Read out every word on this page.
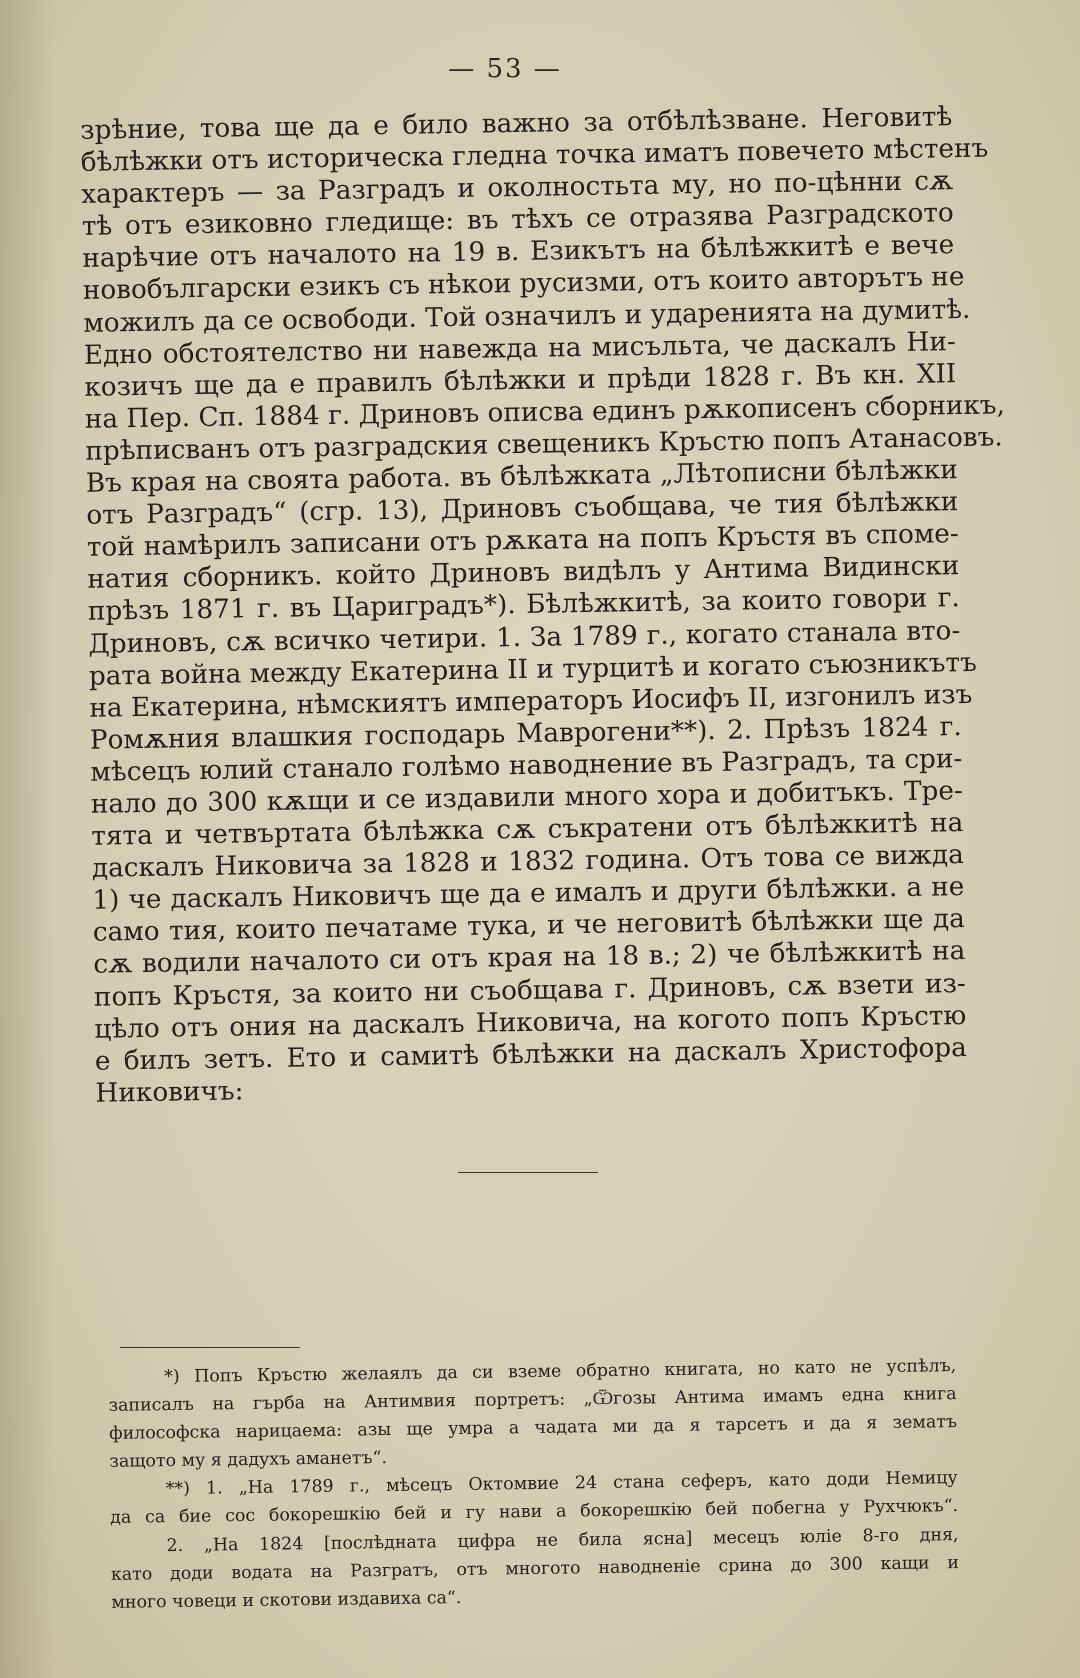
— 53 —
зрѣние, това ще да е било важно за отбѣлѣзване. Неговитѣ
бѣлѣжки отъ историческа гледна точка иматъ повечето мѣстенъ
характеръ — за Разградъ и околностьта му, но по-цѣнни сѫ
тѣ отъ езиковно гледище: въ тѣхъ се отразява Разградското
нарѣчие отъ началото на 19 в. Езикътъ на бѣлѣжкитѣ е вече
новобългарски езикъ съ нѣкои русизми, отъ които авторътъ не
можилъ да се освободи. Той означилъ и ударенията на думитѣ.
Едно обстоятелство ни навежда на мисъльта, че даскалъ Ни-
козичъ ще да е правилъ бѣлѣжки и прѣди 1828 г. Въ кн. XII
на Пер. Сп. 1884 г. Дриновъ описва единъ рѫкописенъ сборникъ,
прѣписванъ отъ разградския свещеникъ Кръстю попъ Атанасовъ.
Въ края на своята работа. въ бѣлѣжката „Лѣтописни бѣлѣжки
отъ Разградъ“ (сгр. 13), Дриновъ съобщава, че тия бѣлѣжки
той намѣрилъ записани отъ рѫката на попъ Кръстя въ споме-
натия сборникъ. който Дриновъ видѣлъ у Антима Видински
прѣзъ 1871 г. въ Цариградъ*). Бѣлѣжкитѣ, за които говори г.
Дриновъ, сѫ всичко четири. 1. За 1789 г., когато станала вто-
рата война между Екатерина II и турцитѣ и когато съюзникътъ
на Екатерина, нѣмскиятъ императоръ Иосифъ II, изгонилъ изъ
Ромѫния влашкия господарь Маврогени**). 2. Прѣзъ 1824 г.
мѣсецъ юлий станало голѣмо наводнение въ Разградъ, та сри-
нало до 300 кѫщи и се издавили много хора и добитъкъ. Тре-
тята и четвъртата бѣлѣжка сѫ съкратени отъ бѣлѣжкитѣ на
даскалъ Никовича за 1828 и 1832 година. Отъ това се вижда
1) че даскалъ Никовичъ ще да е ималъ и други бѣлѣжки. а не
само тия, които печатаме тука, и че неговитѣ бѣлѣжки ще да
сѫ водили началото си отъ края на 18 в.; 2) че бѣлѣжкитѣ на
попъ Кръстя, за които ни съобщава г. Дриновъ, сѫ взети из-
цѣло отъ ония на даскалъ Никовича, на когото попъ Кръстю
е билъ зетъ. Ето и самитѣ бѣлѣжки на даскалъ Христофора
Никовичъ:
*) Попъ Кръстю желаялъ да си вземе обратно книгата, но като не успѣлъ,
записалъ на гърба на Антимвия портретъ: „Ѿгозы Антима имамъ една книга
философска нарицаема: азы ще умра а чадата ми да я тарсетъ и да я зематъ
защото му я дадухъ аманетъ“.
**) 1. „На 1789 г., мѣсецъ Октомвие 24 стана сеферъ, като доди Немицу
да са бие сос бокорешкію бей и гу нави а бокорешкію бей побегна у Рухчюкъ“.
2. „На 1824 [послѣдната цифра не била ясна] месецъ юліе 8-го дня,
като доди водата на Разгратъ, отъ многото наводненіе срина до 300 кащи и
много човеци и скотови издавиха са“.
